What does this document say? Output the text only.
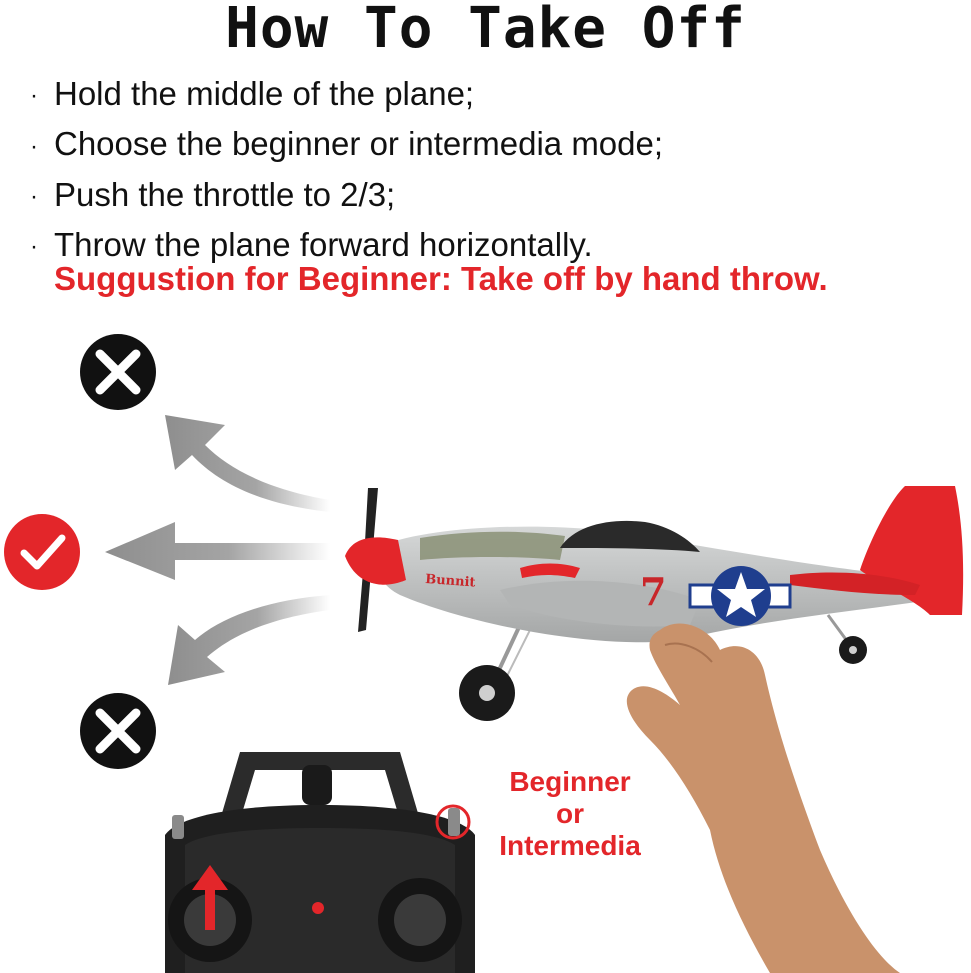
How To Take Off
· Hold the middle of the plane;
· Choose the beginner or intermedia mode;
· Push the throttle to 2/3;
· Throw the plane forward horizontally.
Suggustion for Beginner: Take off by hand throw.
7
Bunnit
Beginner
or
Intermedia
